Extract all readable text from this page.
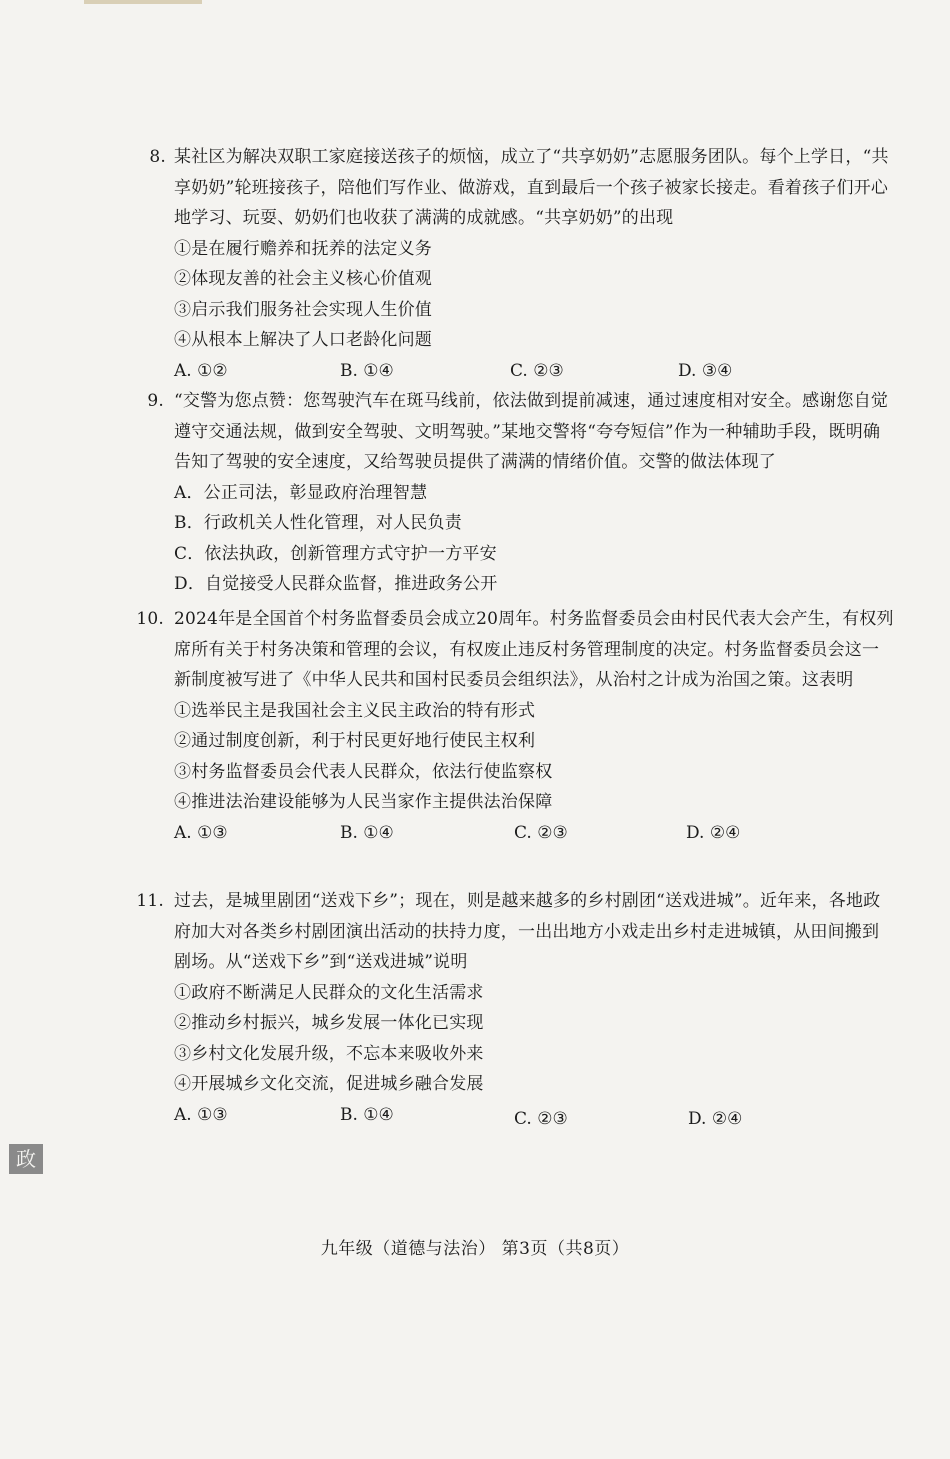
8. 某社区为解决双职工家庭接送孩子的烦恼，成立了“共享奶奶”志愿服务团队。每个上学日，“共享奶奶”轮班接孩子，陪他们写作业、做游戏，直到最后一个孩子被家长接走。看着孩子们开心地学习、玩耍、奶奶们也收获了满满的成就感。“共享奶奶”的出现
①是在履行赡养和抚养的法定义务
②体现友善的社会主义核心价值观
③启示我们服务社会实现人生价值
④从根本上解决了人口老龄化问题
A. ①②	B. ①④	C. ②③	D. ③④
9. “交警为您点赞：您驾驶汽车在斑马线前，依法做到提前减速，通过速度相对安全。感谢您自觉遵守交通法规，做到安全驾驶、文明驾驶。”某地交警将“夸夸短信”作为一种辅助手段，既明确告知了驾驶的安全速度，又给驾驶员提供了满满的情绪价值。交警的做法体现了
A．公正司法，彰显政府治理智慧
B．行政机关人性化管理，对人民负责
C．依法执政，创新管理方式守护一方平安
D．自觉接受人民群众监督，推进政务公开
10. 2024年是全国首个村务监督委员会成立20周年。村务监督委员会由村民代表大会产生，有权列席所有关于村务决策和管理的会议，有权废止违反村务管理制度的决定。村务监督委员会这一新制度被写进了《中华人民共和国村民委员会组织法》，从治村之计成为治国之策。这表明
①选举民主是我国社会主义民主政治的特有形式
②通过制度创新，利于村民更好地行使民主权利
③村务监督委员会代表人民群众，依法行使监察权
④推进法治建设能够为人民当家作主提供法治保障
A. ①③	B. ①④	C. ②③	D. ②④
11. 过去，是城里剧团“送戏下乡”；现在，则是越来越多的乡村剧团“送戏进城”。近年来，各地政府加大对各类乡村剧团演出活动的扶持力度，一出出地方小戏走出乡村走进城镇，从田间搬到剧场。从“送戏下乡”到“送戏进城”说明
①政府不断满足人民群众的文化生活需求
②推动乡村振兴，城乡发展一体化已实现
③乡村文化发展升级，不忘本来吸收外来
④开展城乡文化交流，促进城乡融合发展
A. ①③	B. ①④	C. ②③	D. ②④
政
九年级（道德与法治） 第3页（共8页）
